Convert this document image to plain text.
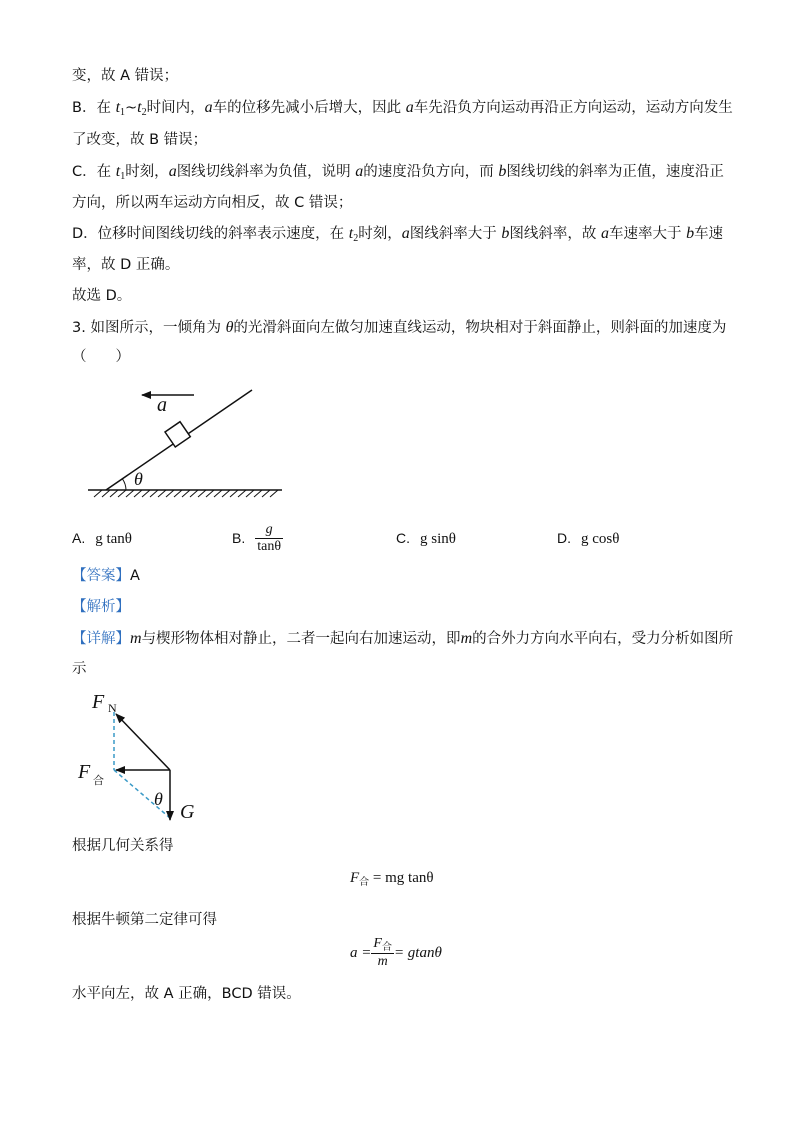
变，故 A 错误；
B．在 $t_1\sim t_2$时间内，a车的位移先减小后增大，因此 a车先沿负方向运动再沿正方向运动，运动方向发生
了改变，故 B 错误；
C．在 $t_1$时刻，a图线切线斜率为负值，说明 a的速度沿负方向，而 b图线切线的斜率为正值，速度沿正
方向，所以两车运动方向相反，故 C 错误；
D．位移时间图线切线的斜率表示速度，在 $t_2$时刻，a图线斜率大于 b图线斜率，故 a车速率大于 b车速
率，故 D 正确。
故选 D。
3. 如图所示，一倾角为 θ的光滑斜面向左做匀加速直线运动，物块相对于斜面静止，则斜面的加速度为
（　　）
θ
a
A. g tanθ	B. $\frac{g}{\tan\theta}$	C. g sinθ	D. g cosθ
【答案】A
【解析】
【详解】m与楔形物体相对静止，二者一起向右加速运动，即m的合外力方向水平向右，受力分析如图所
示
F N
F 合
θ
G
根据几何关系得
$F_合$ = mg tanθ
根据牛顿第二定律可得
$a = \frac{F_合}{m} = gtan\theta$
水平向左，故 A 正确，BCD 错误。
